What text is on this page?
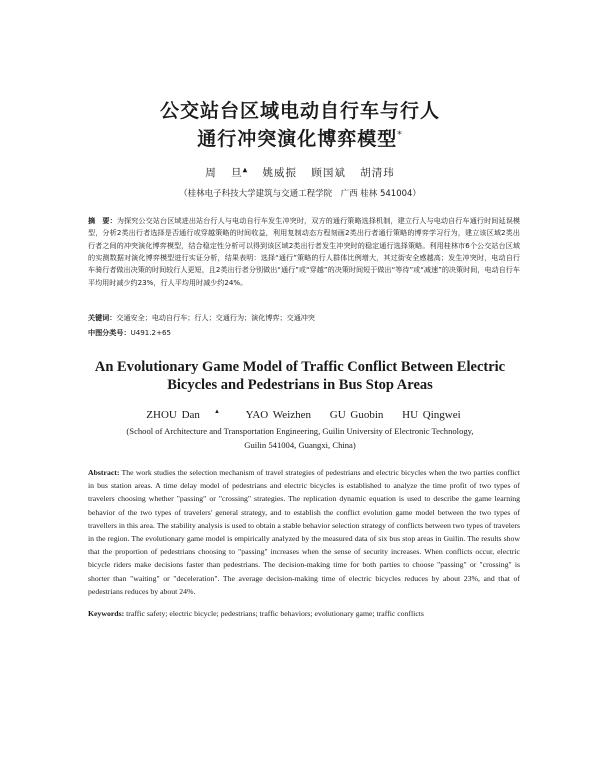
公交站台区域电动自行车与行人
通行冲突演化博弈模型*
周 旦▲ 姚威振 顾国斌 胡清玮
（桂林电子科技大学建筑与交通工程学院　广西 桂林 541004）
摘　要：为探究公交站台区域进出站台行人与电动自行车发生冲突时，双方的通行策略选择机制，建立行人与电动自行车通行时间延误模型，分析2类出行者选择是否通行或穿越策略的时间收益，利用复制动态方程刻画2类出行者通行策略的博弈学习行为，建立该区域2类出行者之间的冲突演化博弈模型，结合稳定性分析可以得到该区域2类出行者发生冲突时的稳定通行选择策略。利用桂林市6个公交站台区域的实测数据对演化博弈模型进行实证分析，结果表明：选择“通行”策略的行人群体比例增大，其过街安全感越高；发生冲突时，电动自行车骑行者做出决策的时间较行人更短，且2类出行者分别做出“通行”或“穿越”的决策时间短于做出“等待”或“减速”的决策时间，电动自行车平均用时减少约23%，行人平均用时减少约24%。
关键词：交通安全；电动自行车；行人；交通行为；演化博弈；交通冲突
中图分类号：U491.2+65
An Evolutionary Game Model of Traffic Conflict Between Electric
Bicycles and Pedestrians in Bus Stop Areas
ZHOU Dan ▲ YAO Weizhen GU Guobin HU Qingwei
(School of Architecture and Transportation Engineering, Guilin University of Electronic Technology,
Guilin 541004, Guangxi, China)
Abstract: The work studies the selection mechanism of travel strategies of pedestrians and electric bicycles when the two parties conflict in bus station areas. A time delay model of pedestrians and electric bicycles is established to analyze the time profit of two types of travelers choosing whether "passing" or "crossing" strategies. The replication dynamic equation is used to describe the game learning behavior of the two types of travelers' general strategy, and to establish the conflict evolution game model between the two types of travellers in this area. The stability analysis is used to obtain a stable behavior selection strategy of conflicts between two types of travelers in the region. The evolutionary game model is empirically analyzed by the measured data of six bus stop areas in Guilin. The results show that the proportion of pedestrians choosing to "passing" increases when the sense of security increases. When conflicts occur, electric bicycle riders make decisions faster than pedestrians. The decision-making time for both parties to choose "passing" or "crossing" is shorter than "waiting" or "deceleration". The average decision-making time of electric bicycles reduces by about 23%, and that of pedestrians reduces by about 24%.
Keywords: traffic safety; electric bicycle; pedestrians; traffic behaviors; evolutionary game; traffic conflicts
